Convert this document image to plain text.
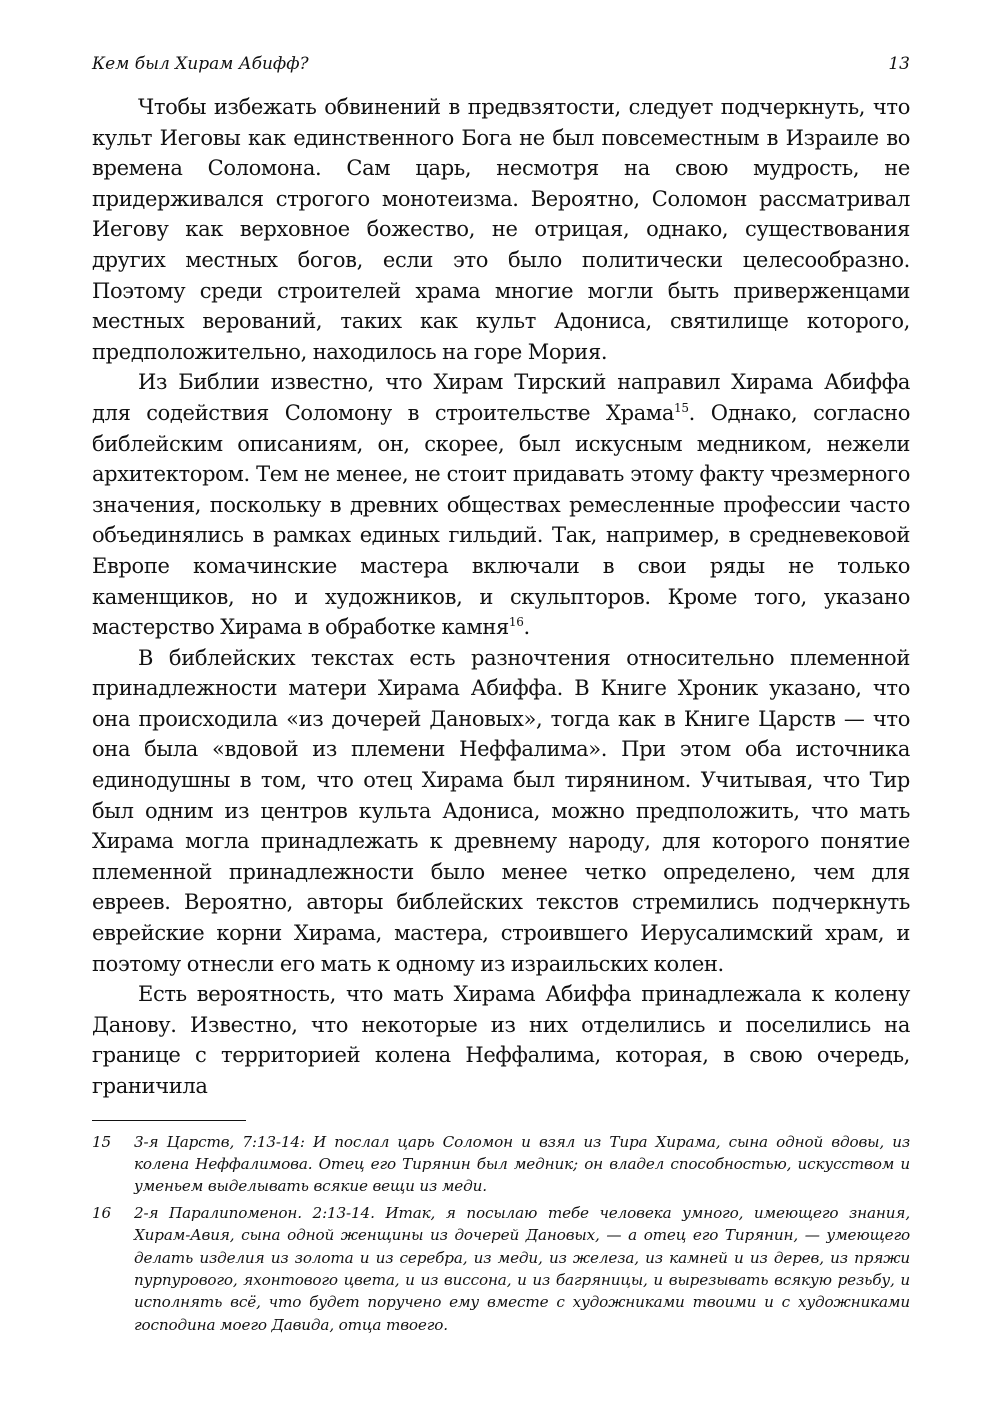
Кем был Хирам Абифф?	13

Чтобы избежать обвинений в предвзятости, следует подчеркнуть, что культ Иеговы как единственного Бога не был повсеместным в Израиле во времена Соломона. Сам царь, несмотря на свою мудрость, не придерживался строгого монотеизма. Вероятно, Соломон рассматривал Иегову как верховное божество, не отрицая, однако, существования других местных богов, если это было политически целесообразно. Поэтому среди строителей храма многие могли быть приверженцами местных верований, таких как культ Адониса, святилище которого, предположительно, находилось на горе Мория.

Из Библии известно, что Хирам Тирский направил Хирама Абиффа для содействия Соломону в строительстве Храма$^{15}$. Однако, согласно библейским описаниям, он, скорее, был искусным медником, нежели архитектором. Тем не менее, не стоит придавать этому факту чрезмерного значения, поскольку в древних обществах ремесленные профессии часто объединялись в рамках единых гильдий. Так, например, в средневековой Европе комачинские мастера включали в свои ряды не только каменщиков, но и художников, и скульпторов. Кроме того, указано мастерство Хирама в обработке камня$^{16}$.

В библейских текстах есть разночтения относительно племенной принадлежности матери Хирама Абиффа. В Книге Хроник указано, что она происходила «из дочерей Дановых», тогда как в Книге Царств — что она была «вдовой из племени Неффалима». При этом оба источника единодушны в том, что отец Хирама был тирянином. Учитывая, что Тир был одним из центров культа Адониса, можно предположить, что мать Хирама могла принадлежать к древнему народу, для которого понятие племенной принадлежности было менее четко определено, чем для евреев. Вероятно, авторы библейских текстов стремились подчеркнуть еврейские корни Хирама, мастера, строившего Иерусалимский храм, и поэтому отнесли его мать к одному из израильских колен.

Есть вероятность, что мать Хирама Абиффа принадлежала к колену Данову. Известно, что некоторые из них отделились и поселились на границе с территорией колена Неффалима, которая, в свою очередь, граничила

15	3-я Царств, 7:13-14: И послал царь Соломон и взял из Тира Хирама, сына одной вдовы, из колена Неффалимова. Отец его Тирянин был медник; он владел способностью, искусством и уменьем выделывать всякие вещи из меди.
16	2-я Паралипоменон. 2:13-14. Итак, я посылаю тебе человека умного, имеющего знания, Хирам-Авия, сына одной женщины из дочерей Дановых, — а отец его Тирянин, — умеющего делать изделия из золота и из серебра, из меди, из железа, из камней и из дерев, из пряжи пурпурового, яхонтового цвета, и из виссона, и из багряницы, и вырезывать всякую резьбу, и исполнять всё, что будет поручено ему вместе с художниками твоими и с художниками господина моего Давида, отца твоего.
